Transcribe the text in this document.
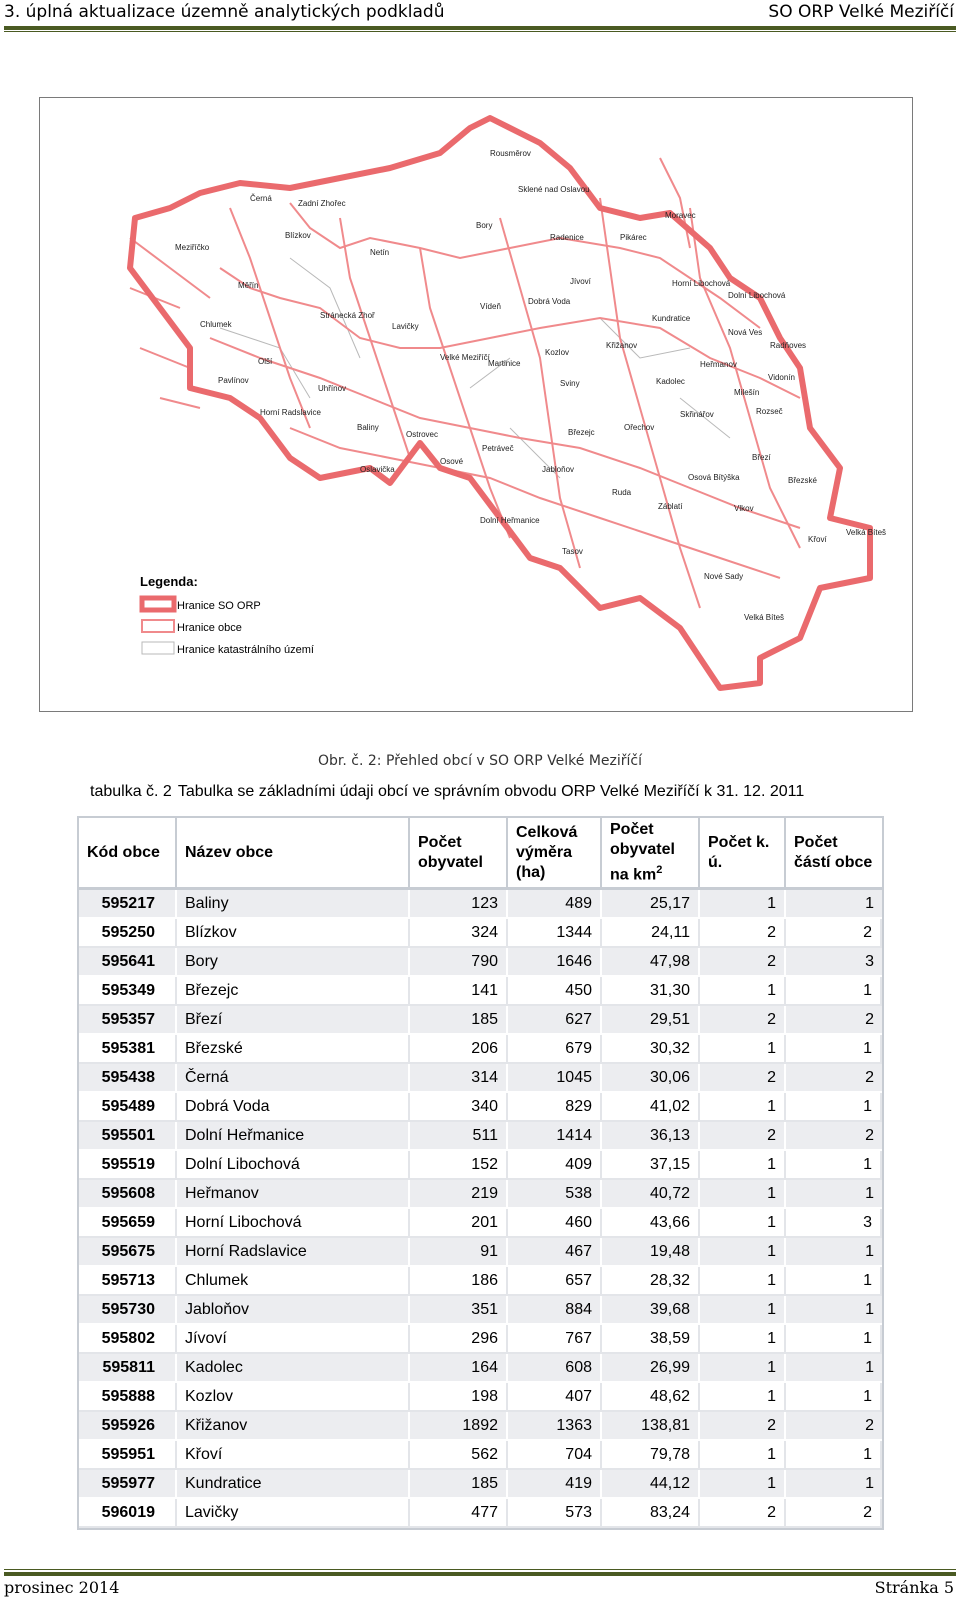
3. úplná aktualizace územně analytických podkladů	SO ORP Velké Meziříčí
Rousměrov
Sklené nad Oslavou
Moravec
Černá
Zadní Zhořec
Bory
Radenice	Pikárec
Meziříčko
Blízkov
Netín
Měřín	Jívoví	Horní Libochová
Dolní Libochová
Kundratice
Křižanov
Chlumek
Stránecká Zhoř
Lavičky
Vídeň
Dobrá Voda
Nová Ves
Radňoves
Olší	Velké Meziříčí
Martinice
Kozlov
Heřmanov
Vidonín
Pavlínov
Uhřínov
Sviny	Kadolec
Milešín
Horní Radslavice	Rozseč
Baliny
Ostrovec	Březejc
Ořechov
Skřinářov
Oslavička
Osové
Petráveč
Jabloňov
Březí
Osová Bítýška	Březské
Ruda
Záblatí	Vlkov
Dolní Heřmanice
Velká Bíteš
Křoví
Tasov
Nové Sady
Velká Bíteš
Legenda:
Hranice SO ORP
Hranice obce
Hranice katastrálního území
Obr. č. 2: Přehled obcí v SO ORP Velké Meziříčí
tabulka č. 2 Tabulka se základními údaji obcí ve správním obvodu ORP Velké Meziříčí k 31. 12. 2011
Kód obce	Název obce	Počet obyvatel	Celková výměra (ha)	Počet obyvatel na $km^2$	Počet k. ú.	Počet částí obce
595217	Baliny	123	489	25,17	1	1
595250	Blízkov	324	1344	24,11	2	2
595641	Bory	790	1646	47,98	2	3
595349	Březejc	141	450	31,30	1	1
595357	Březí	185	627	29,51	2	2
595381	Březské	206	679	30,32	1	1
595438	Černá	314	1045	30,06	2	2
595489	Dobrá Voda	340	829	41,02	1	1
595501	Dolní Heřmanice	511	1414	36,13	2	2
595519	Dolní Libochová	152	409	37,15	1	1
595608	Heřmanov	219	538	40,72	1	1
595659	Horní Libochová	201	460	43,66	1	3
595675	Horní Radslavice	91	467	19,48	1	1
595713	Chlumek	186	657	28,32	1	1
595730	Jabloňov	351	884	39,68	1	1
595802	Jívoví	296	767	38,59	1	1
595811	Kadolec	164	608	26,99	1	1
595888	Kozlov	198	407	48,62	1	1
595926	Křižanov	1892	1363	138,81	2	2
595951	Křoví	562	704	79,78	1	1
595977	Kundratice	185	419	44,12	1	1
596019	Lavičky	477	573	83,24	2	2
prosinec 2014	Stránka 5
